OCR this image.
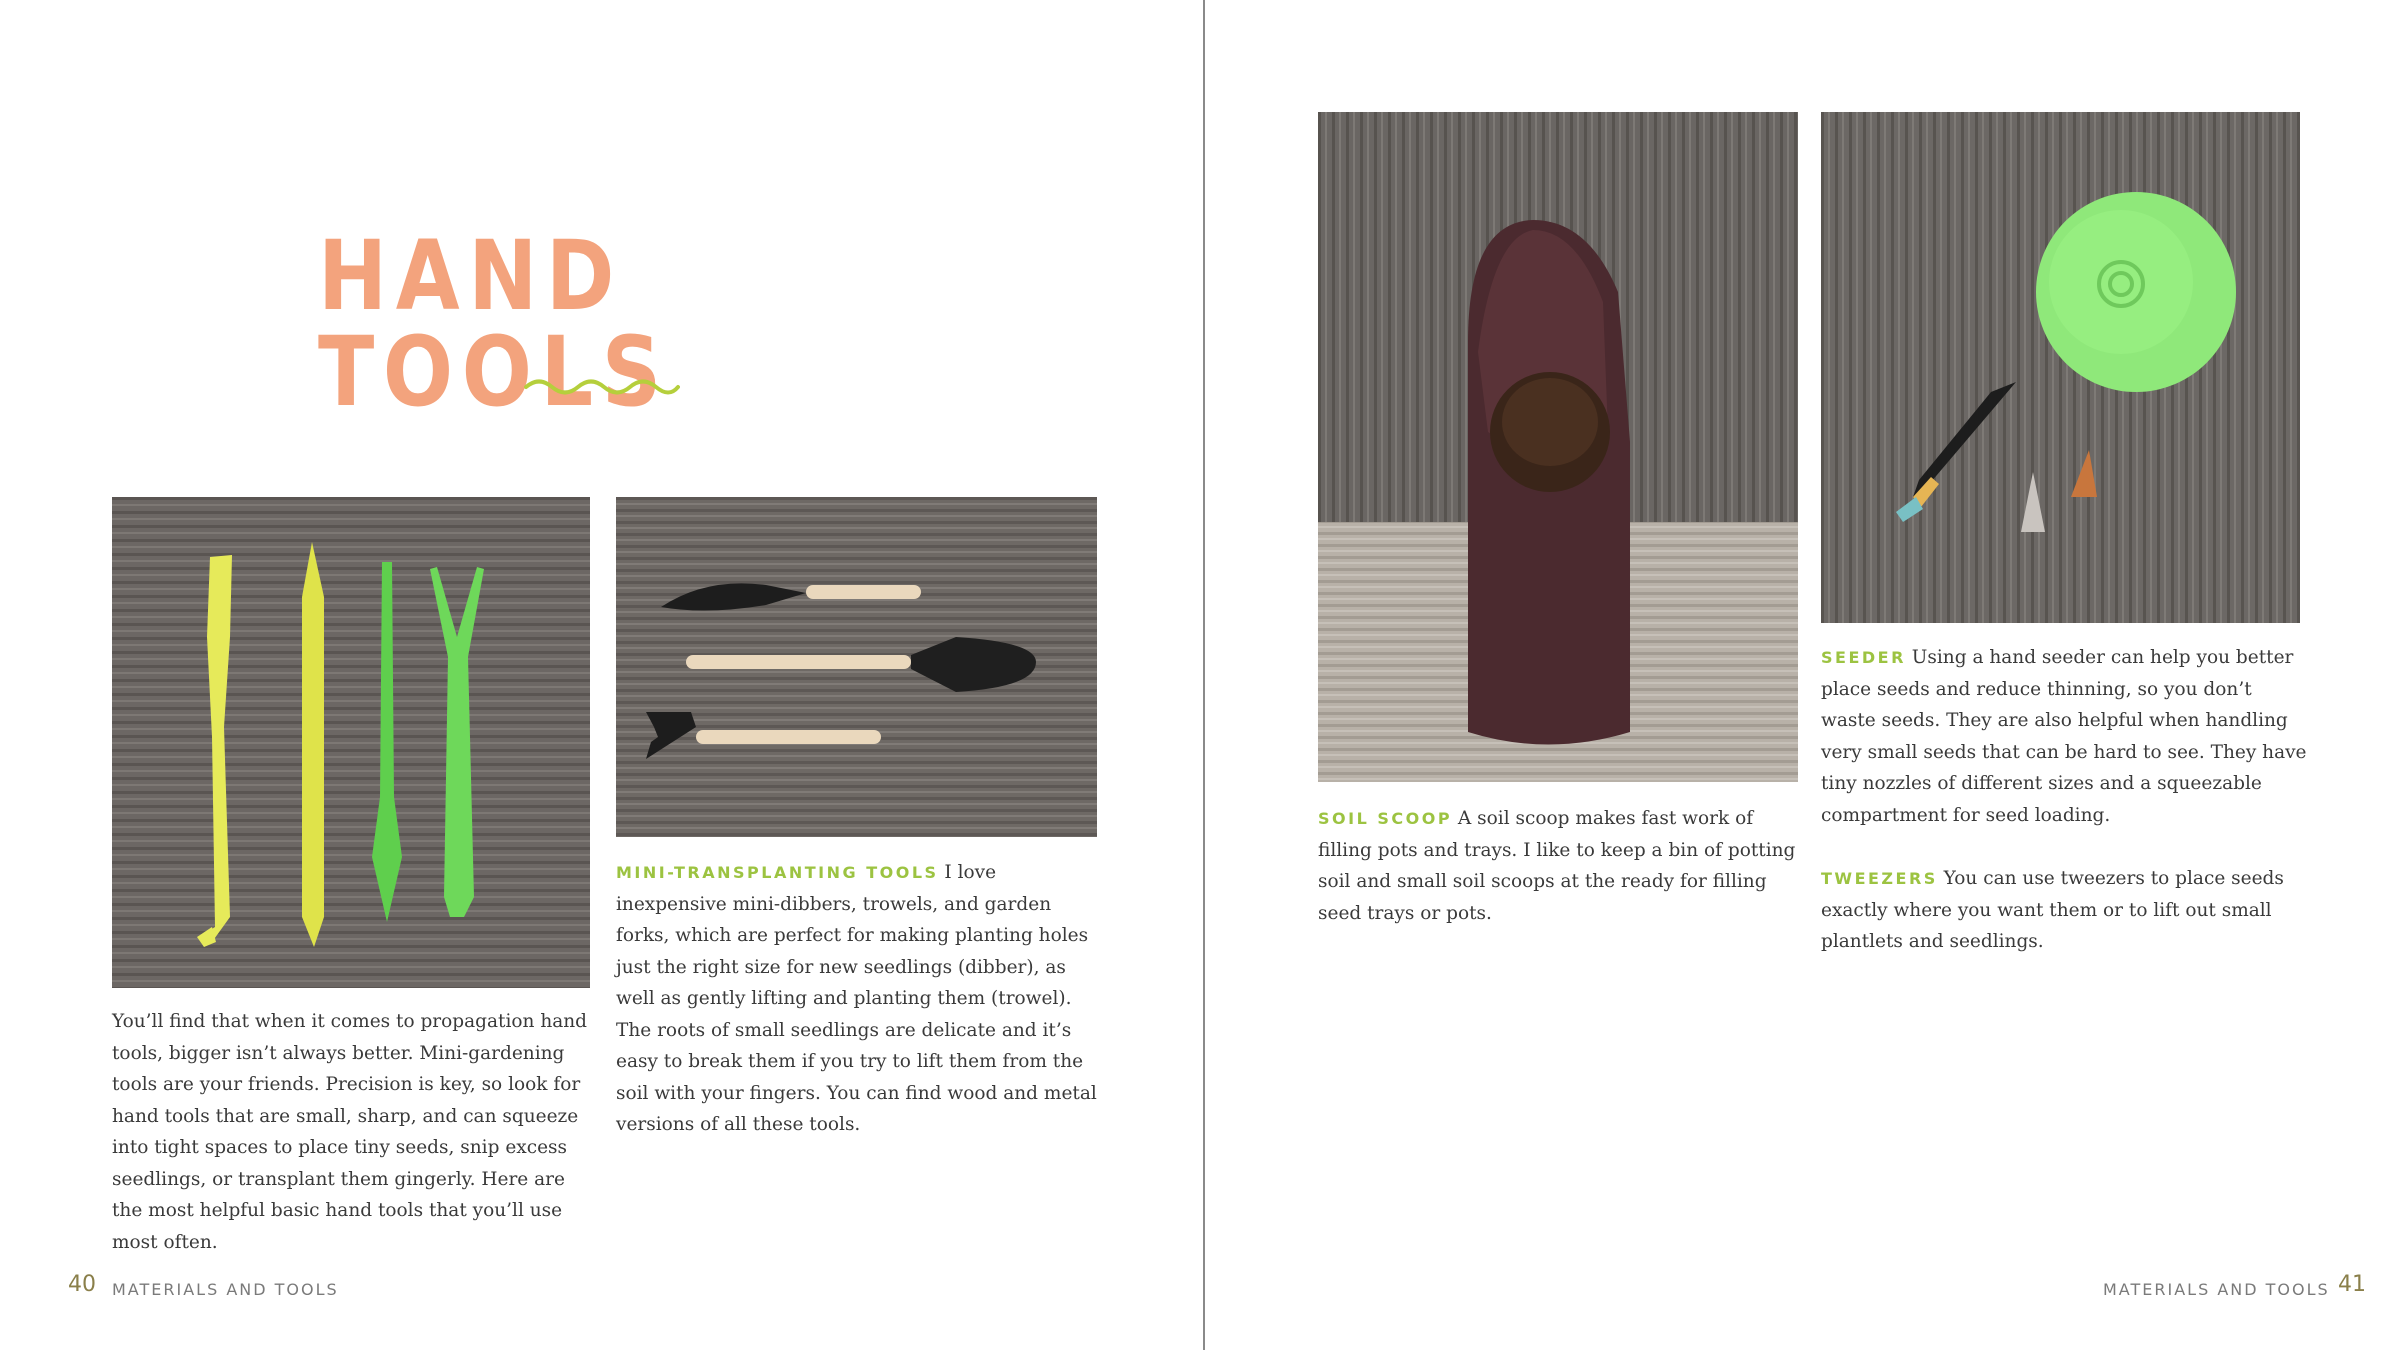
HAND TOOLS
You’ll find that when it comes to propagation hand tools, bigger isn’t always better. Mini-gardening tools are your friends. Precision is key, so look for hand tools that are small, sharp, and can squeeze into tight spaces to place tiny seeds, snip excess seedlings, or transplant them gingerly. Here are the most helpful basic hand tools that you’ll use most often.
MINI-TRANSPLANTING TOOLS I love inexpensive mini-dibbers, trowels, and garden forks, which are perfect for making planting holes just the right size for new seedlings (dibber), as well as gently lifting and planting them (trowel). The roots of small seedlings are delicate and it’s easy to break them if you try to lift them from the soil with your fingers. You can find wood and metal versions of all these tools.
40 MATERIALS AND TOOLS
SOIL SCOOP A soil scoop makes fast work of filling pots and trays. I like to keep a bin of potting soil and small soil scoops at the ready for filling seed trays or pots.
SEEDER Using a hand seeder can help you better place seeds and reduce thinning, so you don’t waste seeds. They are also helpful when handling very small seeds that can be hard to see. They have tiny nozzles of different sizes and a squeezable compartment for seed loading.
TWEEZERS You can use tweezers to place seeds exactly where you want them or to lift out small plantlets and seedlings.
MATERIALS AND TOOLS 41
